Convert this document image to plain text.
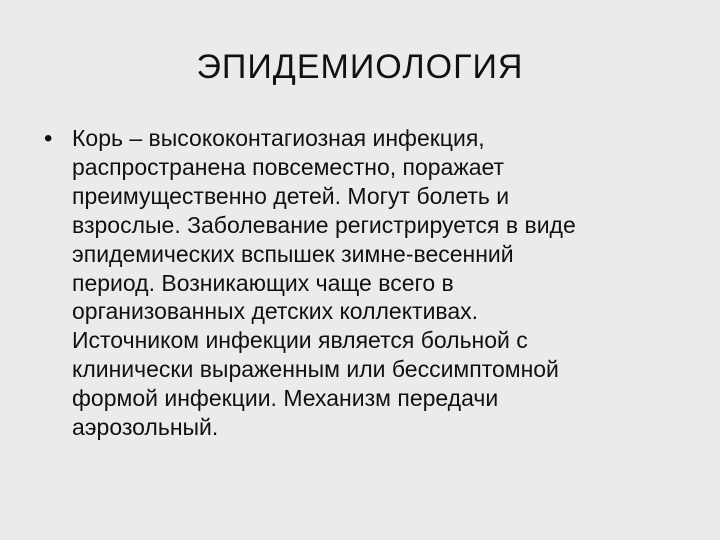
ЭПИДЕМИОЛОГИЯ
• Корь – высококонтагиозная инфекция,
распространена повсеместно, поражает
преимущественно детей. Могут болеть и
взрослые. Заболевание регистрируется в виде
эпидемических вспышек зимне-весенний
период. Возникающих чаще всего в
организованных детских коллективах.
Источником инфекции является больной с
клинически выраженным или бессимптомной
формой инфекции. Механизм передачи
аэрозольный.
